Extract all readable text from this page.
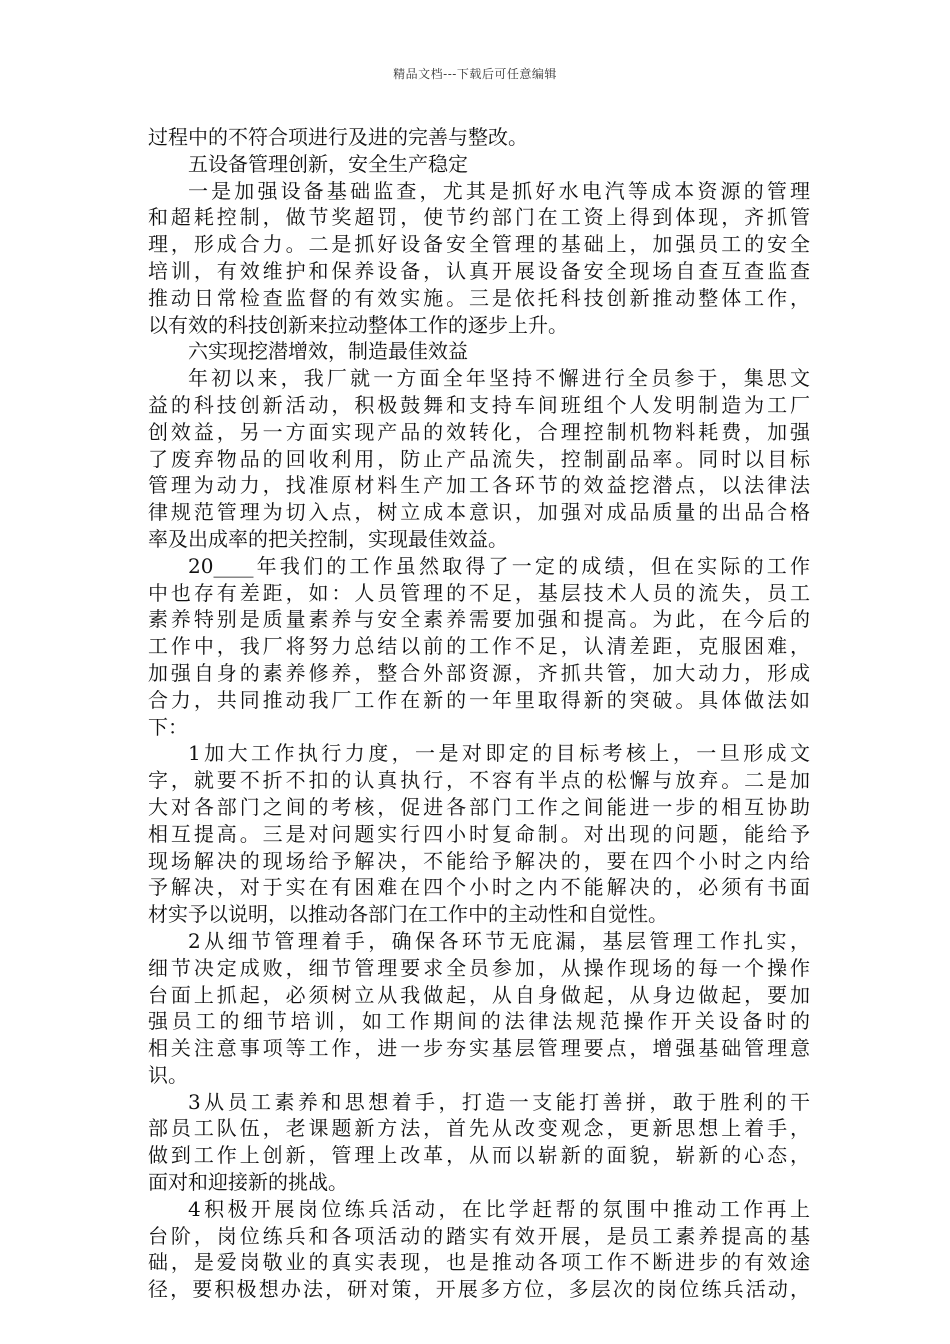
精品文档---下载后可任意编辑
过程中的不符合项进行及进的完善与整改。
五设备管理创新，安全生产稳定
一是加强设备基础监查，尤其是抓好水电汽等成本资源的管理
和超耗控制，做节奖超罚，使节约部门在工资上得到体现，齐抓管
理，形成合力。二是抓好设备安全管理的基础上，加强员工的安全
培训，有效维护和保养设备，认真开展设备安全现场自查互查监查
推动日常检查监督的有效实施。三是依托科技创新推动整体工作，
以有效的科技创新来拉动整体工作的逐步上升。
六实现挖潜增效，制造最佳效益
年初以来，我厂就一方面全年坚持不懈进行全员参于，集思文
益的科技创新活动，积极鼓舞和支持车间班组个人发明制造为工厂
创效益，另一方面实现产品的效转化，合理控制机物料耗费，加强
了废弃物品的回收利用，防止产品流失，控制副品率。同时以目标
管理为动力，找准原材料生产加工各环节的效益挖潜点，以法律法
律规范管理为切入点，树立成本意识，加强对成品质量的出品合格
率及出成率的把关控制，实现最佳效益。
20____年我们的工作虽然取得了一定的成绩，但在实际的工作
中也存有差距，如：人员管理的不足，基层技术人员的流失，员工
素养特别是质量素养与安全素养需要加强和提高。为此，在今后的
工作中，我厂将努力总结以前的工作不足，认清差距，克服困难，
加强自身的素养修养，整合外部资源，齐抓共管，加大动力，形成
合力，共同推动我厂工作在新的一年里取得新的突破。具体做法如
下：
1加大工作执行力度，一是对即定的目标考核上，一旦形成文
字，就要不折不扣的认真执行，不容有半点的松懈与放弃。二是加
大对各部门之间的考核，促进各部门工作之间能进一步的相互协助
相互提高。三是对问题实行四小时复命制。对出现的问题，能给予
现场解决的现场给予解决，不能给予解决的，要在四个小时之内给
予解决，对于实在有困难在四个小时之内不能解决的，必须有书面
材实予以说明，以推动各部门在工作中的主动性和自觉性。
2从细节管理着手，确保各环节无庇漏，基层管理工作扎实，
细节决定成败，细节管理要求全员参加，从操作现场的每一个操作
台面上抓起，必须树立从我做起，从自身做起，从身边做起，要加
强员工的细节培训，如工作期间的法律法规范操作开关设备时的
相关注意事项等工作，进一步夯实基层管理要点，增强基础管理意
识。
3从员工素养和思想着手，打造一支能打善拼，敢于胜利的干
部员工队伍，老课题新方法，首先从改变观念，更新思想上着手，
做到工作上创新，管理上改革，从而以崭新的面貌，崭新的心态，
面对和迎接新的挑战。
4积极开展岗位练兵活动，在比学赶帮的氛围中推动工作再上
台阶，岗位练兵和各项活动的踏实有效开展，是员工素养提高的基
础，是爱岗敬业的真实表现，也是推动各项工作不断进步的有效途
径，要积极想办法，研对策，开展多方位，多层次的岗位练兵活动，
